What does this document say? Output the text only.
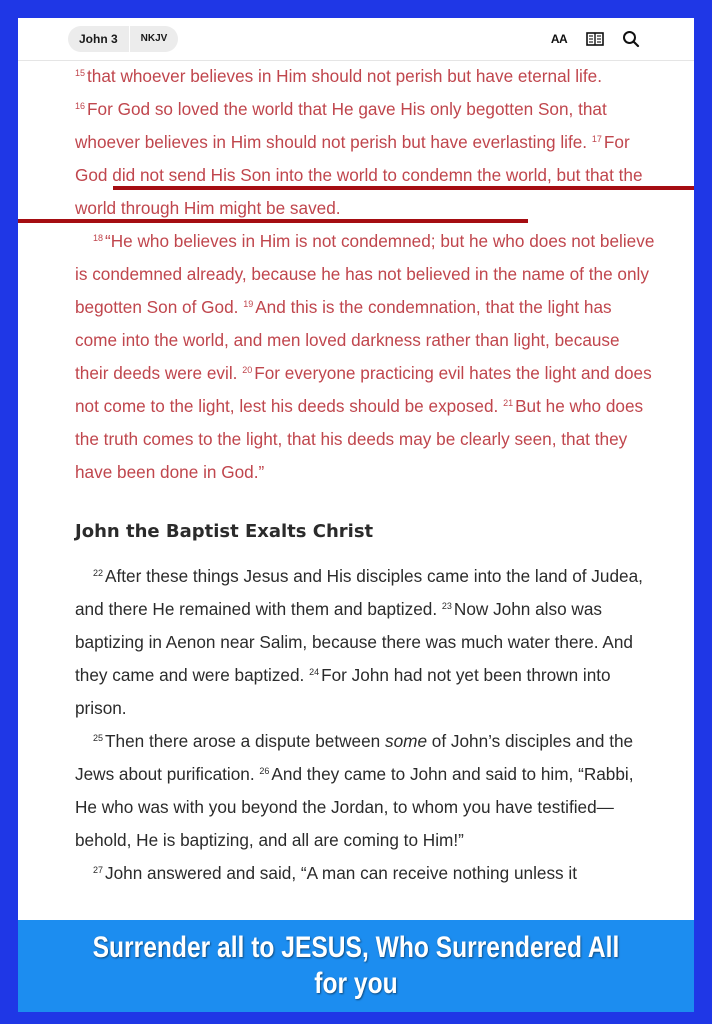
John 3	NKJV	AA

$^{15}$ that whoever believes in Him should not perish but have eternal life.
$^{16}$ For God so loved the world that He gave His only begotten Son, that whoever believes in Him should not perish but have everlasting life. $^{17}$ For God did not send His Son into the world to condemn the world, but that the world through Him might be saved.

$^{18}$ “He who believes in Him is not condemned; but he who does not believe is condemned already, because he has not believed in the name of the only begotten Son of God. $^{19}$ And this is the condemnation, that the light has come into the world, and men loved darkness rather than light, because their deeds were evil. $^{20}$ For everyone practicing evil hates the light and does not come to the light, lest his deeds should be exposed. $^{21}$ But he who does the truth comes to the light, that his deeds may be clearly seen, that they have been done in God.”

John the Baptist Exalts Christ

$^{22}$ After these things Jesus and His disciples came into the land of Judea, and there He remained with them and baptized. $^{23}$ Now John also was baptizing in Aenon near Salim, because there was much water there. And they came and were baptized. $^{24}$ For John had not yet been thrown into prison.

$^{25}$ Then there arose a dispute between some of John’s disciples and the Jews about purification. $^{26}$ And they came to John and said to him, “Rabbi, He who was with you beyond the Jordan, to whom you have testified—behold, He is baptizing, and all are coming to Him!”

$^{27}$ John answered and said, “A man can receive nothing unless it

Surrender all to JESUS, Who Surrendered All
for you
